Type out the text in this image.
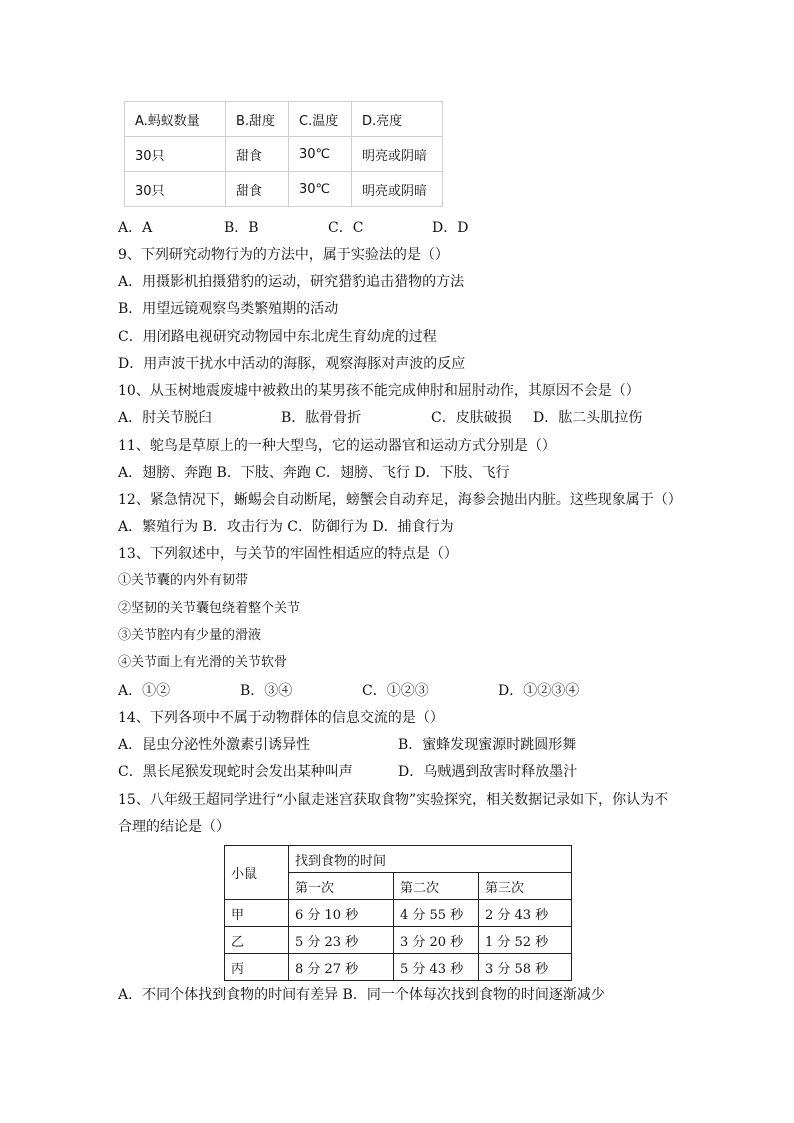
A.蚂蚁数量	B.甜度	C.温度	D.亮度
30只	甜食	30℃	明亮或阴暗
30只	甜食	30℃	明亮或阴暗
A．A	B．B	C．C	D．D
9、下列研究动物行为的方法中，属于实验法的是（）
A．用摄影机拍摄猎豹的运动，研究猎豹追击猎物的方法
B．用望远镜观察鸟类繁殖期的活动
C．用闭路电视研究动物园中东北虎生育幼虎的过程
D．用声波干扰水中活动的海豚，观察海豚对声波的反应
10、从玉树地震废墟中被救出的某男孩不能完成伸肘和屈肘动作，其原因不会是（）
A．肘关节脱臼	B．肱骨骨折	C．皮肤破损 D．肱二头肌拉伤
11、鸵鸟是草原上的一种大型鸟，它的运动器官和运动方式分别是（）
A．翅膀、奔跑 B．下肢、奔跑 C．翅膀、飞行 D．下肢、飞行
12、紧急情况下，蜥蜴会自动断尾，螃蟹会自动弃足，海参会抛出内脏。这些现象属于（）
A．繁殖行为 B．攻击行为 C．防御行为 D．捕食行为
13、下列叙述中，与关节的牢固性相适应的特点是（）
①关节囊的内外有韧带
②坚韧的关节囊包绕着整个关节
③关节腔内有少量的滑液
④关节面上有光滑的关节软骨
A．①②	B．③④	C．①②③	D．①②③④
14、下列各项中不属于动物群体的信息交流的是（）
A．昆虫分泌性外激素引诱异性	B．蜜蜂发现蜜源时跳圆形舞
C．黑长尾猴发现蛇时会发出某种叫声	D．乌贼遇到敌害时释放墨汁
15、八年级王超同学进行“小鼠走迷宫获取食物”实验探究，相关数据记录如下，你认为不
合理的结论是（）
小鼠	找到食物的时间		
	第一次	第二次	第三次
甲	6 分 10 秒	4 分 55 秒	2 分 43 秒
乙	5 分 23 秒	3 分 20 秒	1 分 52 秒
丙	8 分 27 秒	5 分 43 秒	3 分 58 秒
A．不同个体找到食物的时间有差异 B．同一个体每次找到食物的时间逐渐减少
